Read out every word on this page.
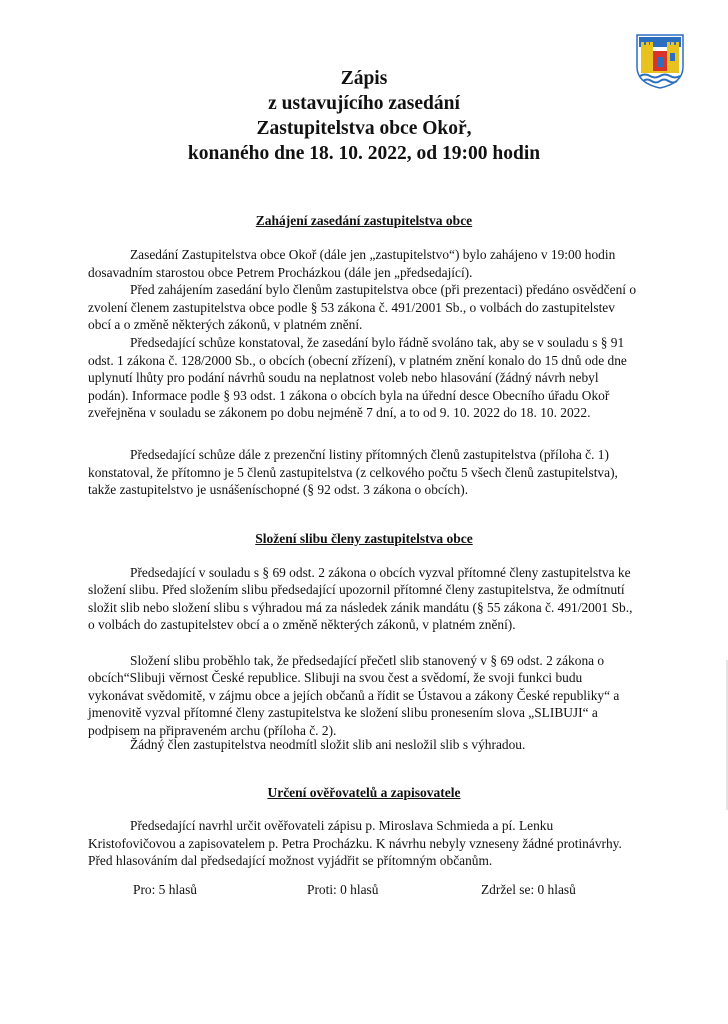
Zápis
z ustavujícího zasedání
Zastupitelstva obce Okoř,
konaného dne 18. 10. 2022, od 19:00 hodin
Zahájení zasedání zastupitelstva obce

Zasedání Zastupitelstva obce Okoř (dále jen „zastupitelstvo“) bylo zahájeno v 19:00 hodin dosavadním starostou obce Petrem Procházkou (dále jen „předsedající).

Před zahájením zasedání bylo členům zastupitelstva obce (při prezentaci) předáno osvědčení o zvolení členem zastupitelstva obce podle § 53 zákona č. 491/2001 Sb., o volbách do zastupitelstev obcí a o změně některých zákonů, v platném znění.

Předsedající schůze konstatoval, že zasedání bylo řádně svoláno tak, aby se v souladu s § 91 odst. 1 zákona č. 128/2000 Sb., o obcích (obecní zřízení), v platném znění konalo do 15 dnů ode dne uplynutí lhůty pro podání návrhů soudu na neplatnost voleb nebo hlasování (žádný návrh nebyl podán). Informace podle § 93 odst. 1 zákona o obcích byla na úřední desce Obecního úřadu Okoř zveřejněna v souladu se zákonem po dobu nejméně 7 dní, a to od 9. 10. 2022 do 18. 10. 2022.

Předsedající schůze dále z prezenční listiny přítomných členů zastupitelstva (příloha č. 1) konstatoval, že přítomno je 5 členů zastupitelstva (z celkového počtu 5 všech členů zastupitelstva), takže zastupitelstvo je usnášeníschopné (§ 92 odst. 3 zákona o obcích).

Složení slibu členy zastupitelstva obce

Předsedající v souladu s § 69 odst. 2 zákona o obcích vyzval přítomné členy zastupitelstva ke složení slibu. Před složením slibu předsedající upozornil přítomné členy zastupitelstva, že odmítnutí složit slib nebo složení slibu s výhradou má za následek zánik mandátu (§ 55 zákona č. 491/2001 Sb., o volbách do zastupitelstev obcí a o změně některých zákonů, v platném znění).

Složení slibu proběhlo tak, že předsedající přečetl slib stanovený v § 69 odst. 2 zákona o obcích“Slibuji věrnost České republice. Slibuji na svou čest a svědomí, že svoji funkci budu vykonávat svědomitě, v zájmu obce a jejích občanů a řídit se Ústavou a zákony České republiky“ a jmenovitě vyzval přítomné členy zastupitelstva ke složení slibu pronesením slova „SLIBUJI“ a podpisem na připraveném archu (příloha č. 2).

Žádný člen zastupitelstva neodmítl složit slib ani nesložil slib s výhradou.

Určení ověřovatelů a zapisovatele

Předsedající navrhl určit ověřovateli zápisu p. Miroslava Schmieda a pí. Lenku Kristofovičovou a zapisovatelem p. Petra Procházku. K návrhu nebyly vzneseny žádné protinávrhy. Před hlasováním dal předsedající možnost vyjádřit se přítomným občanům.

Pro: 5 hlasů	Proti: 0 hlasů	Zdržel se: 0 hlasů
